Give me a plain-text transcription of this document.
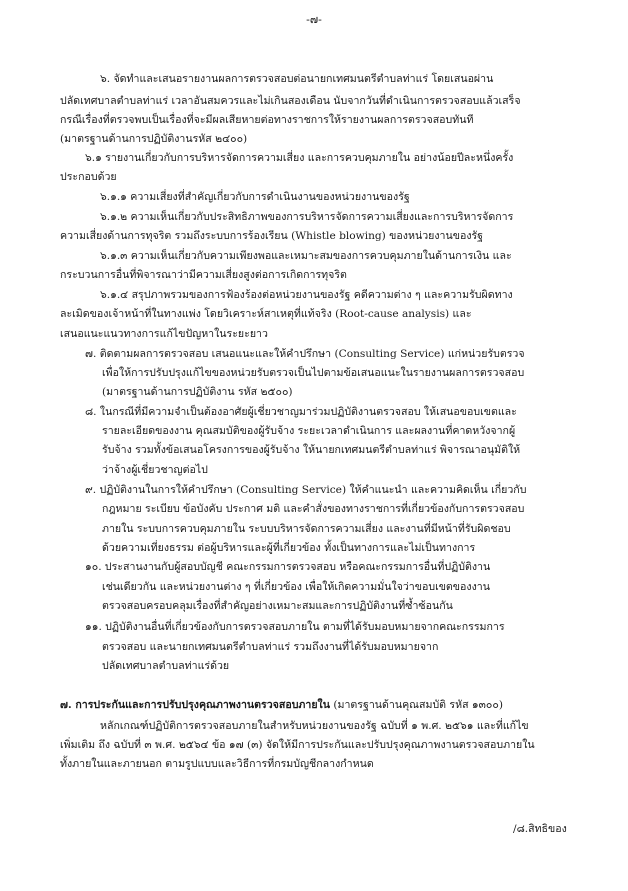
-๗-
๖. จัดทำและเสนอรายงานผลการตรวจสอบต่อนายกเทศมนตรีตำบลท่าแร่ โดยเสนอผ่าน
ปลัดเทศบาลตำบลท่าแร่ เวลาอันสมควรและไม่เกินสองเดือน นับจากวันที่ดำเนินการตรวจสอบแล้วเสร็จ
กรณีเรื่องที่ตรวจพบเป็นเรื่องที่จะมีผลเสียหายต่อทางราชการให้รายงานผลการตรวจสอบทันที
(มาตรฐานด้านการปฏิบัติงานรหัส ๒๔๐๐)
๖.๑ รายงานเกี่ยวกับการบริหารจัดการความเสี่ยง และการควบคุมภายใน อย่างน้อยปีละหนึ่งครั้ง
ประกอบด้วย
๖.๑.๑ ความเสี่ยงที่สำคัญเกี่ยวกับการดำเนินงานของหน่วยงานของรัฐ
๖.๑.๒ ความเห็นเกี่ยวกับประสิทธิภาพของการบริหารจัดการความเสี่ยงและการบริหารจัดการ
ความเสี่ยงด้านการทุจริต รวมถึงระบบการร้องเรียน (Whistle blowing) ของหน่วยงานของรัฐ
๖.๑.๓ ความเห็นเกี่ยวกับความเพียงพอและเหมาะสมของการควบคุมภายในด้านการเงิน และ
กระบวนการอื่นที่พิจารณาว่ามีความเสี่ยงสูงต่อการเกิดการทุจริต
๖.๑.๔ สรุปภาพรวมของการฟ้องร้องต่อหน่วยงานของรัฐ คดีความต่าง ๆ และความรับผิดทาง
ละเมิดของเจ้าหน้าที่ในทางแพ่ง โดยวิเคราะห์สาเหตุที่แท้จริง (Root-cause analysis) และ
เสนอแนะแนวทางการแก้ไขปัญหาในระยะยาว
๗. ติดตามผลการตรวจสอบ เสนอแนะและให้คำปรึกษา (Consulting Service) แก่หน่วยรับตรวจ
เพื่อให้การปรับปรุงแก้ไขของหน่วยรับตรวจเป็นไปตามข้อเสนอแนะในรายงานผลการตรวจสอบ
(มาตรฐานด้านการปฏิบัติงาน รหัส ๒๕๐๐)
๘. ในกรณีที่มีความจำเป็นต้องอาศัยผู้เชี่ยวชาญมาร่วมปฏิบัติงานตรวจสอบ ให้เสนอขอบเขตและ
รายละเอียดของงาน คุณสมบัติของผู้รับจ้าง ระยะเวลาดำเนินการ และผลงานที่คาดหวังจากผู้
รับจ้าง รวมทั้งข้อเสนอโครงการของผู้รับจ้าง ให้นายกเทศมนตรีตำบลท่าแร่ พิจารณาอนุมัติให้
ว่าจ้างผู้เชี่ยวชาญต่อไป
๙. ปฏิบัติงานในการให้คำปรึกษา (Consulting Service) ให้คำแนะนำ และความคิดเห็น เกี่ยวกับ
กฎหมาย ระเบียบ ข้อบังคับ ประกาศ มติ และคำสั่งของทางราชการที่เกี่ยวข้องกับการตรวจสอบ
ภายใน ระบบการควบคุมภายใน ระบบบริหารจัดการความเสี่ยง และงานที่มีหน้าที่รับผิดชอบ
ด้วยความเที่ยงธรรม ต่อผู้บริหารและผู้ที่เกี่ยวข้อง ทั้งเป็นทางการและไม่เป็นทางการ
๑๐. ประสานงานกับผู้สอบบัญชี คณะกรรมการตรวจสอบ หรือคณะกรรมการอื่นที่ปฏิบัติงาน
เช่นเดียวกัน และหน่วยงานต่าง ๆ ที่เกี่ยวข้อง เพื่อให้เกิดความมั่นใจว่าขอบเขตของงาน
ตรวจสอบครอบคลุมเรื่องที่สำคัญอย่างเหมาะสมและการปฏิบัติงานที่ซ้ำซ้อนกัน
๑๑. ปฏิบัติงานอื่นที่เกี่ยวข้องกับการตรวจสอบภายใน ตามที่ได้รับมอบหมายจากคณะกรรมการ
ตรวจสอบ และนายกเทศมนตรีตำบลท่าแร่ รวมถึงงานที่ได้รับมอบหมายจาก
ปลัดเทศบาลตำบลท่าแร่ด้วย
๗. การประกันและการปรับปรุงคุณภาพงานตรวจสอบภายใน (มาตรฐานด้านคุณสมบัติ รหัส ๑๓๐๐)
หลักเกณฑ์ปฏิบัติการตรวจสอบภายในสำหรับหน่วยงานของรัฐ ฉบับที่ ๑ พ.ศ. ๒๕๖๑ และที่แก้ไข
เพิ่มเติม ถึง ฉบับที่ ๓ พ.ศ. ๒๕๖๔ ข้อ ๑๗ (๓) จัดให้มีการประกันและปรับปรุงคุณภาพงานตรวจสอบภายใน
ทั้งภายในและภายนอก ตามรูปแบบและวิธีการที่กรมบัญชีกลางกำหนด
/๘.สิทธิของ
